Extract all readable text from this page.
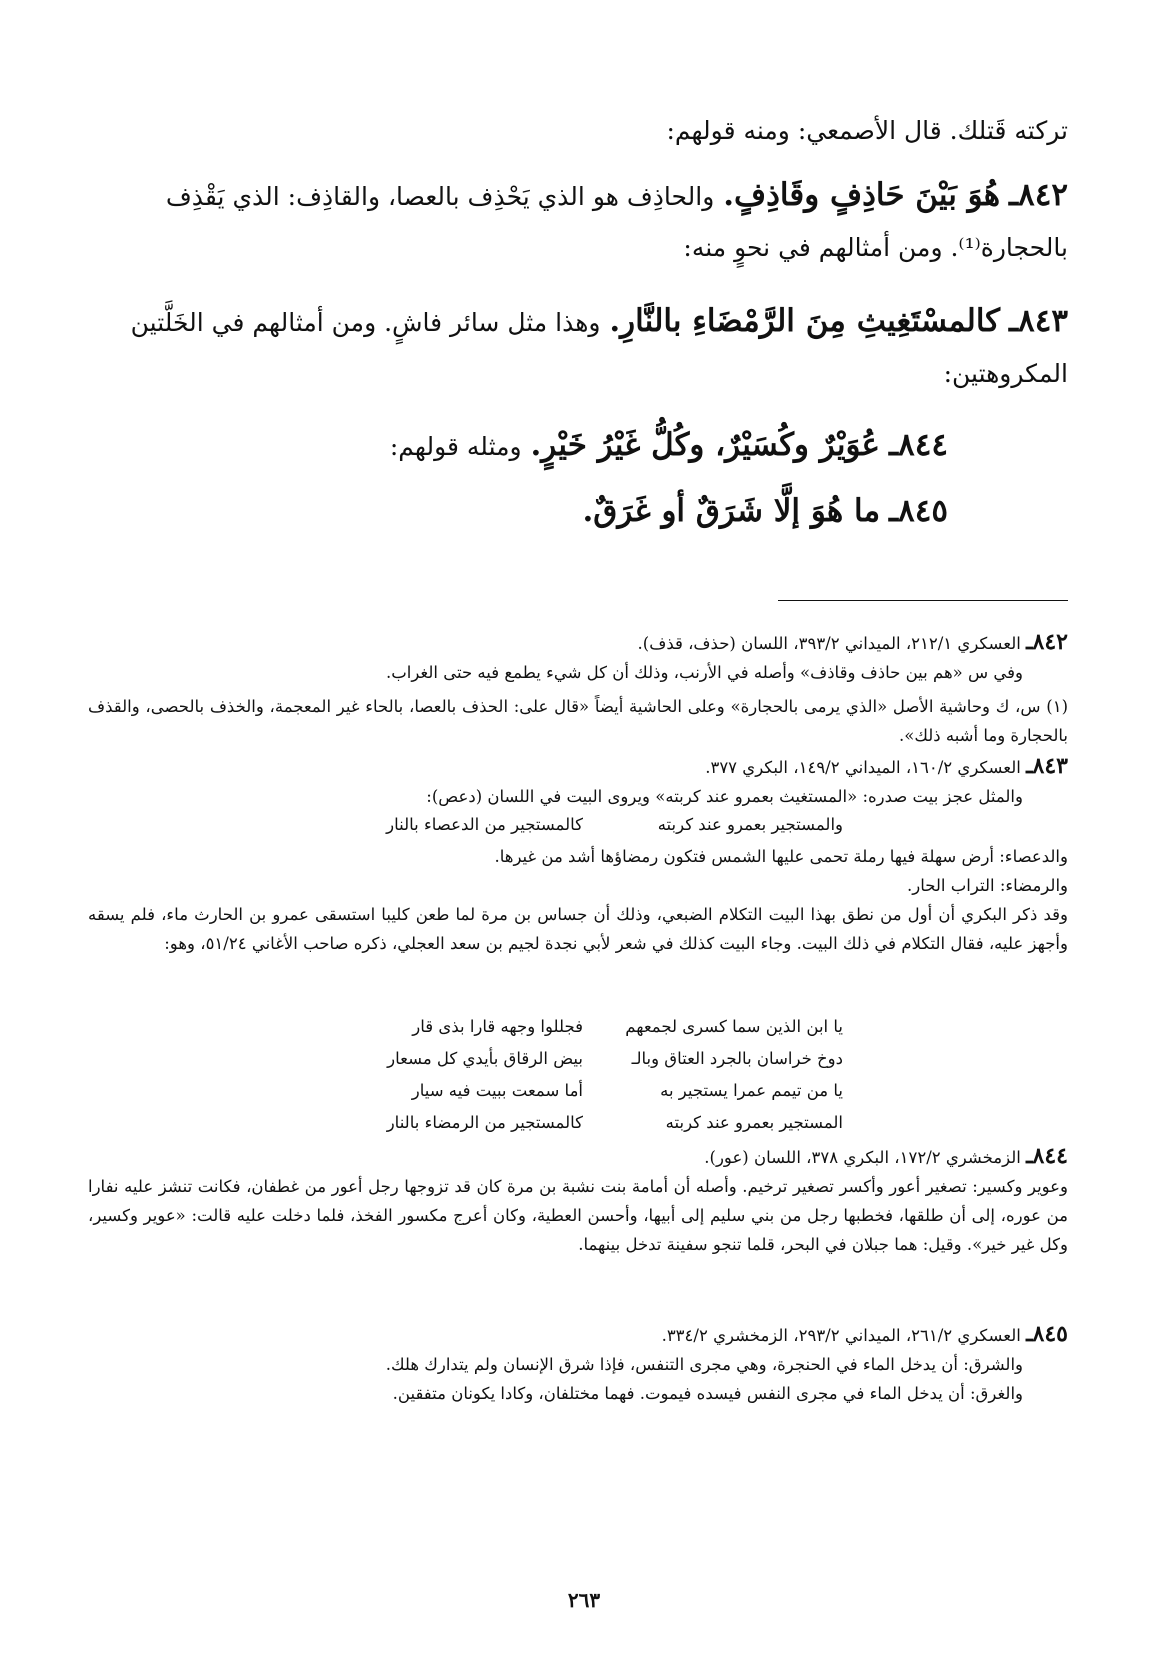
تركته قَتلك. قال الأصمعي: ومنه قولهم:
٨٤٢ـ هُوَ بَيْنَ حَاذِفٍ وقَاذِفٍ. والحاذِف هو الذي يَحْذِف بالعصا، والقاذِف: الذي يَقْذِف بالحجارة⁽¹⁾. ومن أمثالهم في نحوٍ منه:
٨٤٣ـ كالمسْتَغِيثِ مِنَ الرَّمْضَاءِ بالنَّارِ. وهذا مثل سائر فاشٍ. ومن أمثالهم في الخَلَّتين المكروهتين:
٨٤٤ـ عُوَيْرٌ وكُسَيْرٌ، وكُلُّ غَيْرُ خَيْرٍ. ومثله قولهم:
٨٤٥ـ ما هُوَ إلَّا شَرَقٌ أو غَرَقٌ.
٨٤٢ـ العسكري ٢١٢/١، الميداني ٣٩٣/٢، اللسان (حذف، قذف).
وفي س «هم بين حاذف وقاذف» وأصله في الأرنب، وذلك أن كل شيء يطمع فيه حتى الغراب.
(١) س، ك وحاشية الأصل «الذي يرمى بالحجارة» وعلى الحاشية أيضاً «قال على: الحذف بالعصا، بالحاء غير المعجمة، والخذف بالحصى، والقذف بالحجارة وما أشبه ذلك».
٨٤٣ـ العسكري ١٦٠/٢، الميداني ١٤٩/٢، البكري ٣٧٧.
والمثل عجز بيت صدره: «المستغيث بعمرو عند كربته» ويروى البيت في اللسان (دعص):
والمستجير بعمرو عند كربته
كالمستجير من الدعصاء بالنار
والدعصاء: أرض سهلة فيها رملة تحمى عليها الشمس فتكون رمضاؤها أشد من غيرها.
والرمضاء: التراب الحار.
وقد ذكر البكري أن أول من نطق بهذا البيت التكلام الضبعي، وذلك أن جساس بن مرة لما طعن كليبا استسقى عمرو بن الحارث ماء، فلم يسقه وأجهز عليه، فقال التكلام في ذلك البيت. وجاء البيت كذلك في شعر لأبي نجدة لجيم بن سعد العجلي، ذكره صاحب الأغاني ٥١/٢٤، وهو:
يا ابن الذين سما كسرى لجمعهم
فجللوا وجهه قارا بذى قار
دوخ خراسان بالجرد العتاق وبالـ
بيض الرقاق بأيدي كل مسعار
يا من تيمم عمرا يستجير به
أما سمعت ببيت فيه سيار
المستجير بعمرو عند كربته
كالمستجير من الرمضاء بالنار
٨٤٤ـ الزمخشري ١٧٢/٢، البكري ٣٧٨، اللسان (عور).
وعوير وكسير: تصغير أعور وأكسر تصغير ترخيم. وأصله أن أمامة بنت نشبة بن مرة كان قد تزوجها رجل أعور من غطفان، فكانت تنشز عليه نفارا من عوره، إلى أن طلقها، فخطبها رجل من بني سليم إلى أبيها، وأحسن العطية، وكان أعرج مكسور الفخذ، فلما دخلت عليه قالت: «عوير وكسير، وكل غير خير». وقيل: هما جبلان في البحر، قلما تنجو سفينة تدخل بينهما.
٨٤٥ـ العسكري ٢٦١/٢، الميداني ٢٩٣/٢، الزمخشري ٣٣٤/٢.
والشرق: أن يدخل الماء في الحنجرة، وهي مجرى التنفس، فإذا شرق الإنسان ولم يتدارك هلك.
والغرق: أن يدخل الماء في مجرى النفس فيسده فيموت. فهما مختلفان، وكادا يكونان متفقين.
٢٦٣
